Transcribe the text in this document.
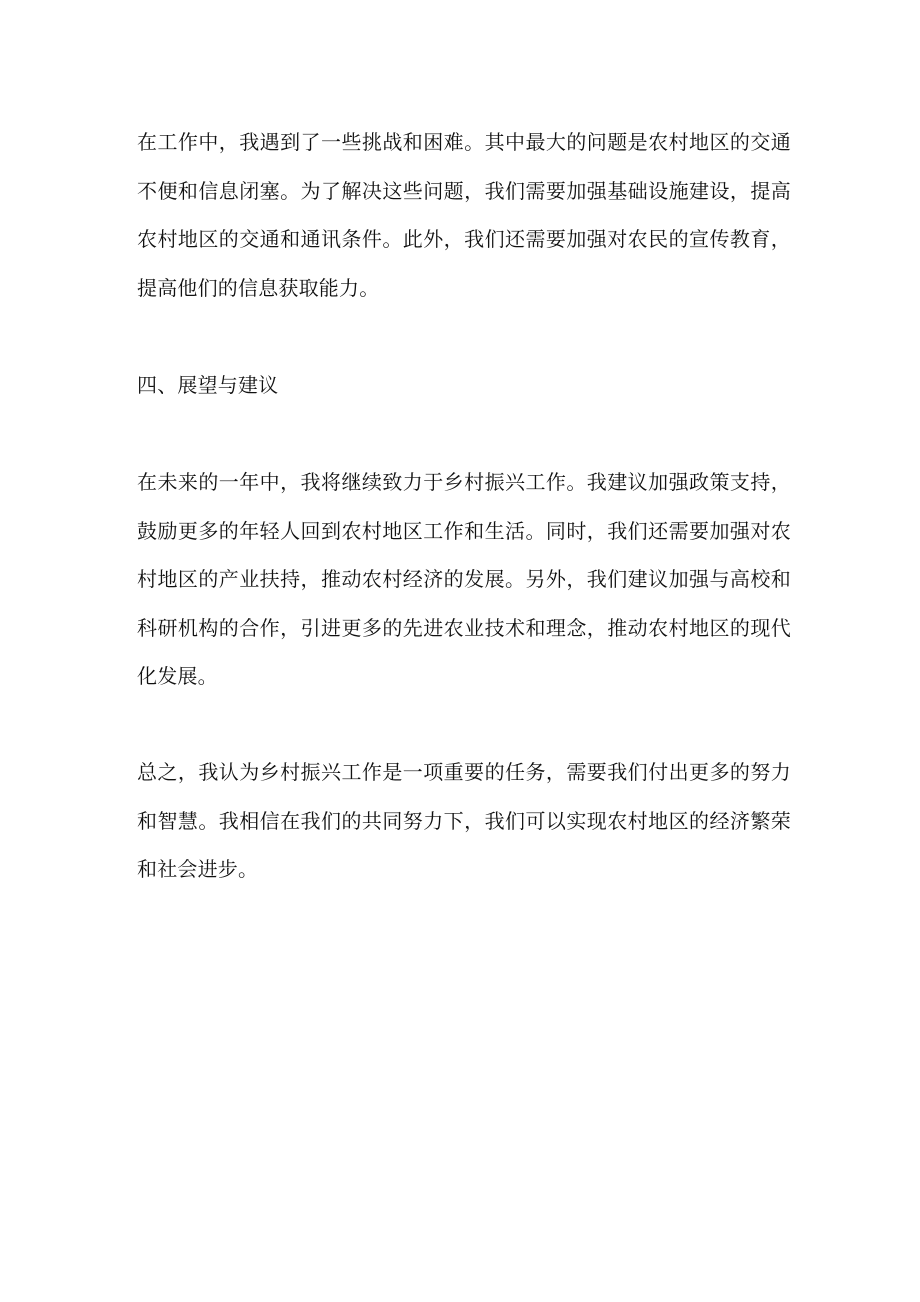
在工作中，我遇到了一些挑战和困难。其中最大的问题是农村地区的交通不便和信息闭塞。为了解决这些问题，我们需要加强基础设施建设，提高农村地区的交通和通讯条件。此外，我们还需要加强对农民的宣传教育，提高他们的信息获取能力。

四、展望与建议

在未来的一年中，我将继续致力于乡村振兴工作。我建议加强政策支持，鼓励更多的年轻人回到农村地区工作和生活。同时，我们还需要加强对农村地区的产业扶持，推动农村经济的发展。另外，我们建议加强与高校和科研机构的合作，引进更多的先进农业技术和理念，推动农村地区的现代化发展。

总之，我认为乡村振兴工作是一项重要的任务，需要我们付出更多的努力和智慧。我相信在我们的共同努力下，我们可以实现农村地区的经济繁荣和社会进步。
